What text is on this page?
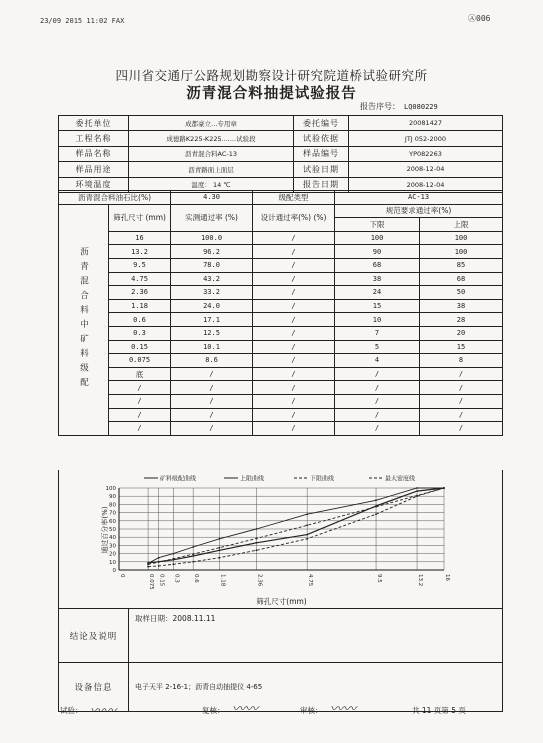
23/09 2015 11:02 FAX	Ⓐ006
四川省交通厅公路规划勘察设计研究院道桥试验研究所
沥青混合料抽提试验报告
报告序号： LQ080229
委托单位	成都豪立...专用章	委托编号	20081427
工程名称	成德路K225-K225.......试验段	试验依据	JTJ 052-2000
样品名称	沥青混合料AC-13	样品编号	YP082263
样品用途	沥青路面上面层	试验日期	2008-12-04
环境温度	温度： 14 ℃	报告日期	2008-12-04
沥青混合料油石比(%)		4.30	级配类型	AC-13	
沥青混合料中矿料级配	筛孔尺寸 (mm)	实测通过率 (%)	设计通过率(%) (%)	规范要求通过率(%)	
				下限	上限
	16	100.0	/	100	100
	13.2	96.2	/	90	100
	9.5	78.0	/	68	85
	4.75	43.2	/	38	68
	2.36	33.2	/	24	50
	1.18	24.0	/	15	38
	0.6	17.1	/	10	28
	0.3	12.5	/	7	20
	0.15	10.1	/	5	15
	0.075	8.6	/	4	8
	底	/	/	/	/
	/	/	/	/	/
	/	/	/	/	/
	/	/	/	/	/
	/	/	/	/	/
矿料级配曲线	上限曲线	下限曲线	最大密度线
0
10
20
30
40
50
60
70
80
90
100
0	0.075 0.15 0.3	0.6	1.18	2.36	4.75	9.5	13.2	16
通过百分率(%)
筛孔尺寸(mm)
结论及说明	取样日期：2008.11.11
设备信息	电子天平 2-16-1；沥青自动抽提仪 4-65
试验： 〰〰	复核： 〰〰	审核： 〰〰	共 11 页第 5 页
